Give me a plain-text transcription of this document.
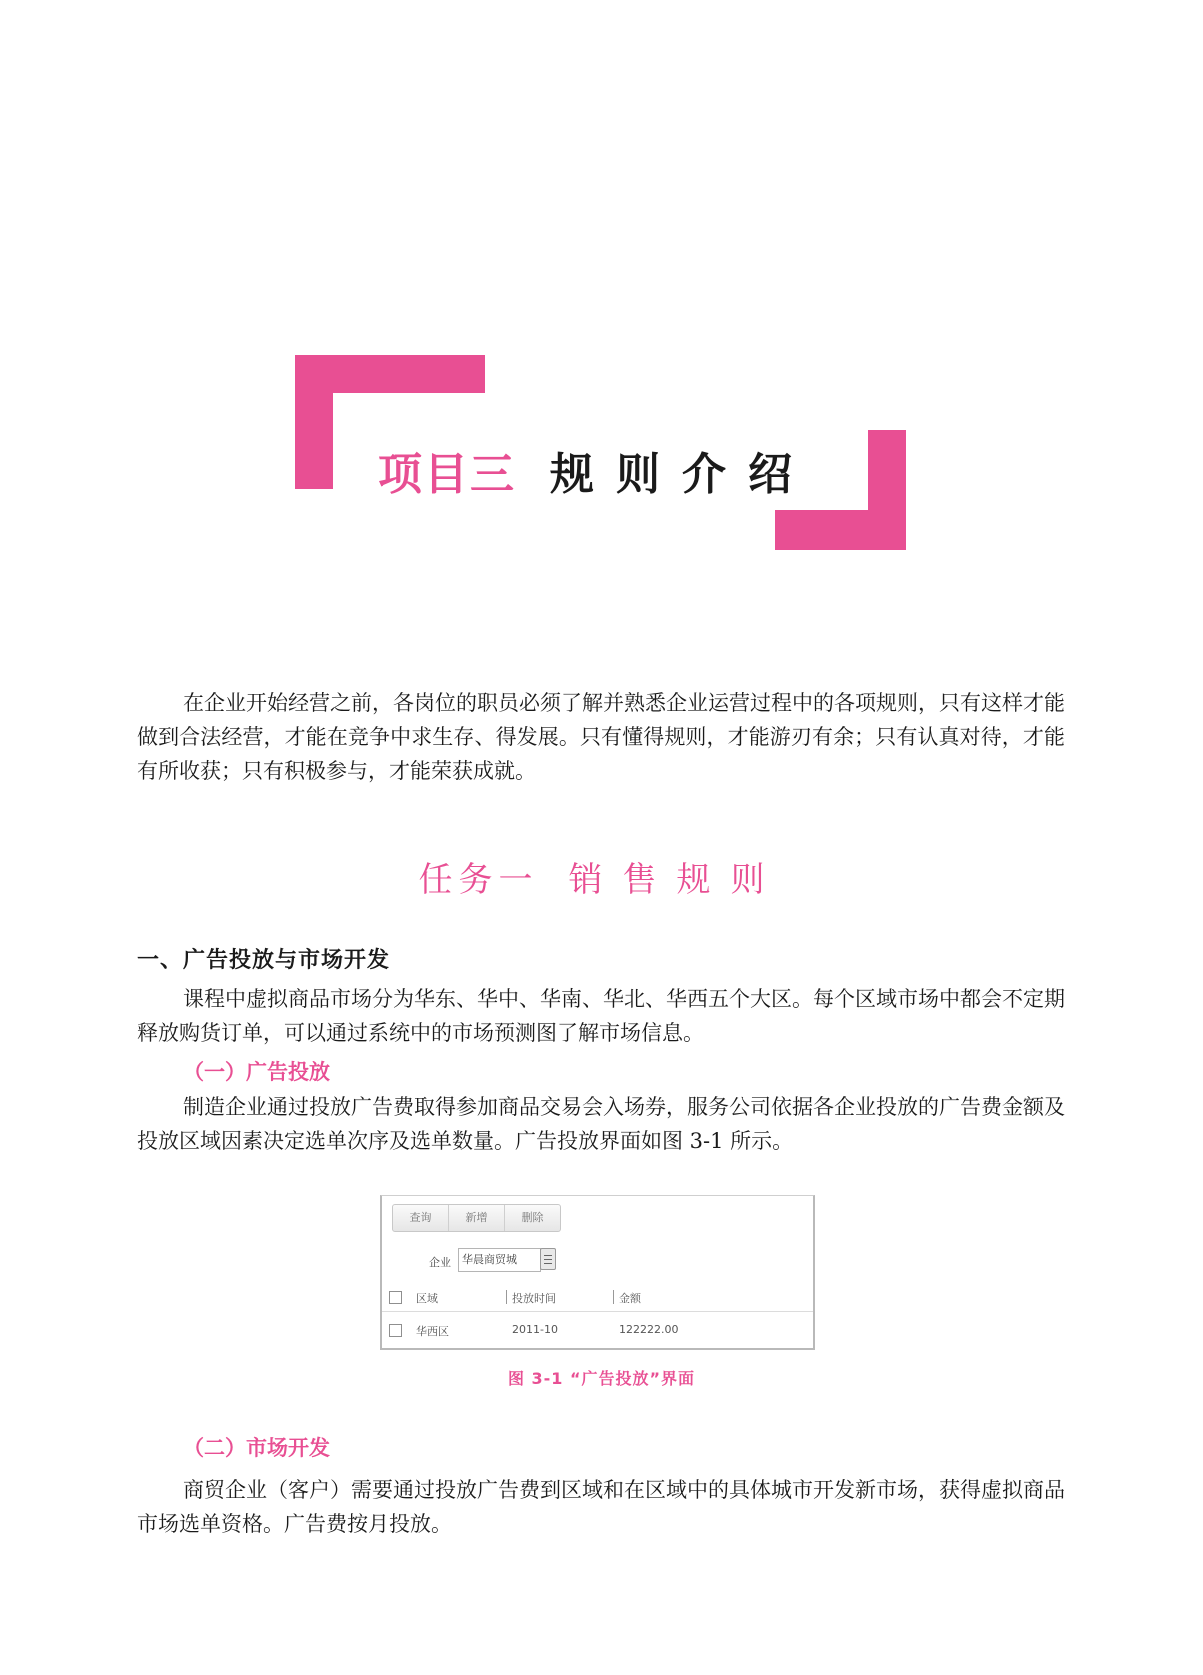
项目三 规则介绍

在企业开始经营之前，各岗位的职员必须了解并熟悉企业运营过程中的各项规则，只有这样才能做到合法经营，才能在竞争中求生存、得发展。只有懂得规则，才能游刃有余；只有认真对待，才能有所收获；只有积极参与，才能荣获成就。

任务一 销售规则
一、广告投放与市场开发

课程中虚拟商品市场分为华东、华中、华南、华北、华西五个大区。每个区域市场中都会不定期释放购货订单，可以通过系统中的市场预测图了解市场信息。

（一）广告投放

制造企业通过投放广告费取得参加商品交易会入场券，服务公司依据各企业投放的广告费金额及投放区域因素决定选单次序及选单数量。广告投放界面如图 3-1 所示。

查询	新增	删除
企业	华晨商贸城
区域	投放时间	金额
华西区	2011-10	122222.00
图 3-1 “广告投放”界面
（二）市场开发

商贸企业（客户）需要通过投放广告费到区域和在区域中的具体城市开发新市场，获得虚拟商品市场选单资格。广告费按月投放。
